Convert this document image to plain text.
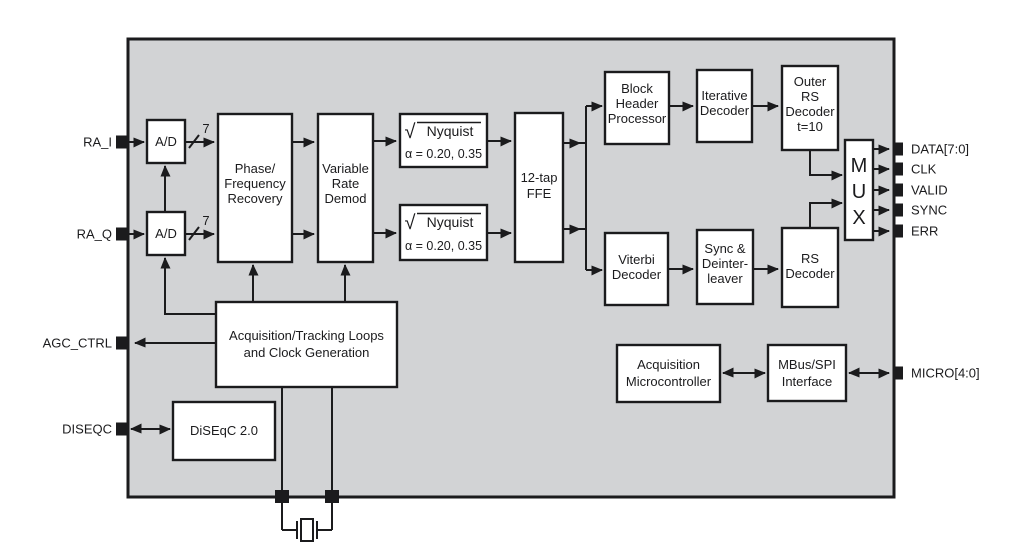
RA_I
RA_Q
AGC_CTRL
DISEQC
DATA[7:0]
CLK
VALID
SYNC
ERR
MICRO[4:0]
7
7
A/D
A/D
Phase/
Frequency
Recovery
Variable
Rate
Demod
√ Nyquist
α = 0.20, 0.35
√ Nyquist
α = 0.20, 0.35
12-tap
FFE
Block
Header
Processor
Iterative
Decoder
Outer
RS
Decoder
t=10
Viterbi
Decoder
Sync &
Deinter-
leaver
RS
Decoder
M
U
X
Acquisition/Tracking Loops
and Clock Generation
DiSEqC 2.0
Acquisition
Microcontroller
MBus/SPI
Interface
